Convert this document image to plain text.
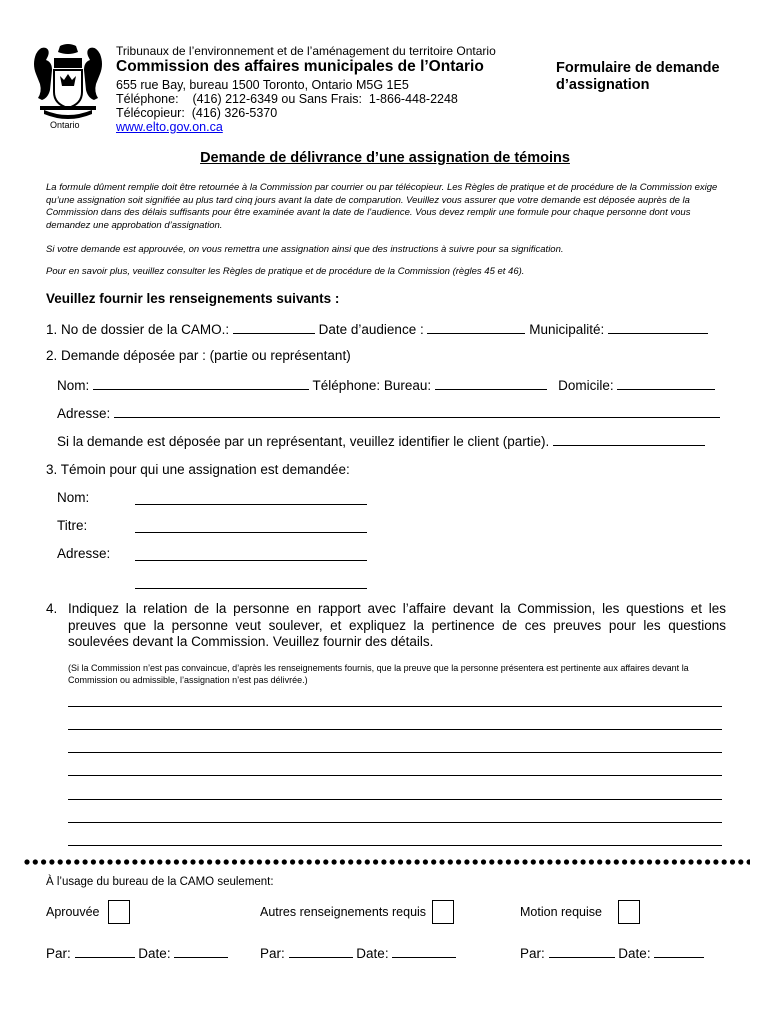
Ontario
Tribunaux de l’environnement et de l’aménagement du territoire Ontario
Commission des affaires municipales de l’Ontario
655 rue Bay, bureau 1500 Toronto, Ontario M5G 1E5
Téléphone:    (416) 212-6349 ou Sans Frais:  1-866-448-2248
Télécopieur:  (416) 326-5370
www.elto.gov.on.ca
Formulaire de demande
d’assignation
Demande de délivrance d’une assignation de témoins
La formule dûment remplie doit être retournée à la Commission par courrier ou par télécopieur. Les Règles de pratique et de procédure de la Commission exige qu’une assignation soit signifiée au plus tard cinq jours avant la date de comparution. Veuillez vous assurer que votre demande est déposée auprès de la Commission dans des délais suffisants pour être examinée avant la date de l’audience. Vous devez remplir une formule pour chaque personne dont vous demandez une approbation d’assignation.
Si votre demande est approuvée, on vous remettra une assignation ainsi que des instructions à suivre pour sa signification.
Pour en savoir plus, veuillez consulter les Règles de pratique et de procédure de la Commission (règles 45 et 46).
Veuillez fournir les renseignements suivants :
1. No de dossier de la CAMO.:	Date d’audience :	Municipalité:
2. Demande déposée par : (partie ou représentant)
Nom:	Téléphone: Bureau:	Domicile:
Adresse:
Si la demande est déposée par un représentant, veuillez identifier le client (partie).
3. Témoin pour qui une assignation est demandée:
Nom:
Titre:
Adresse:
4. Indiquez la relation de la personne en rapport avec l’affaire devant la Commission, les questions et les preuves que la personne veut soulever, et expliquez la pertinence de ces preuves pour les questions soulevées devant la Commission. Veuillez fournir des détails.
(Si la Commission n’est pas convaincue, d’après les renseignements fournis, que la preuve que la personne présentera est pertinente aux affaires devant la Commission ou admissible, l’assignation n’est pas délivrée.)
À l’usage du bureau de la CAMO seulement:
Aprouvée	Autres renseignements requis	Motion requise
Par:	Date:	Par:	Date:	Par:	Date:
